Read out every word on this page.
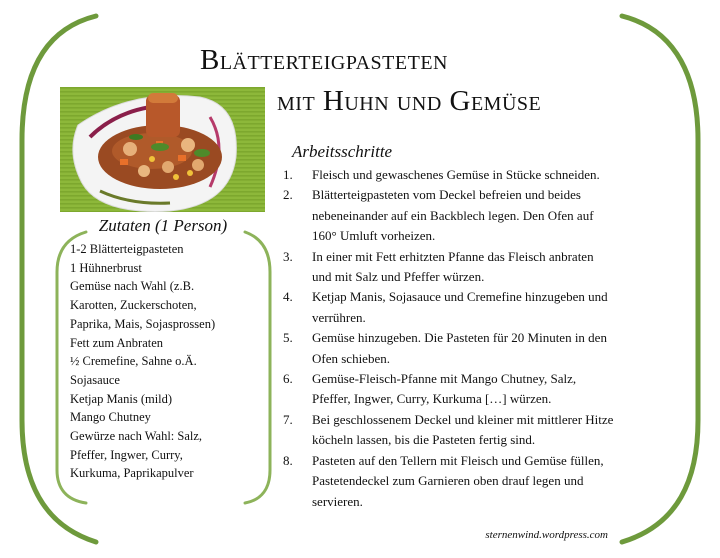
Blätterteigpasteten
mit Huhn und Gemüse
Zutaten (1 Person)
1-2 Blätterteigpasteten
1 Hühnerbrust
Gemüse nach Wahl (z.B.
Karotten, Zuckerschoten,
Paprika, Mais, Sojasprossen)
Fett zum Anbraten
½ Cremefine, Sahne o.Ä.
Sojasauce
Ketjap Manis (mild)
Mango Chutney
Gewürze nach Wahl: Salz,
Pfeffer, Ingwer, Curry,
Kurkuma, Paprikapulver
Arbeitsschritte
1.	Fleisch und gewaschenes Gemüse in Stücke schneiden.
2.	Blätterteigpasteten vom Deckel befreien und beides
nebeneinander auf ein Backblech legen. Den Ofen auf
160° Umluft vorheizen.
3.	In einer mit Fett erhitzten Pfanne das Fleisch anbraten
und mit Salz und Pfeffer würzen.
4.	Ketjap Manis, Sojasauce und Cremefine hinzugeben und
verrühren.
5.	Gemüse hinzugeben. Die Pasteten für 20 Minuten in den
Ofen schieben.
6.	Gemüse-Fleisch-Pfanne mit Mango Chutney, Salz,
Pfeffer, Ingwer, Curry, Kurkuma […] würzen.
7.	Bei geschlossenem Deckel und kleiner mit mittlerer Hitze
köcheln lassen, bis die Pasteten fertig sind.
8.	Pasteten auf den Tellern mit Fleisch und Gemüse füllen,
Pastetendeckel zum Garnieren oben drauf legen und
servieren.
sternenwind.wordpress.com
